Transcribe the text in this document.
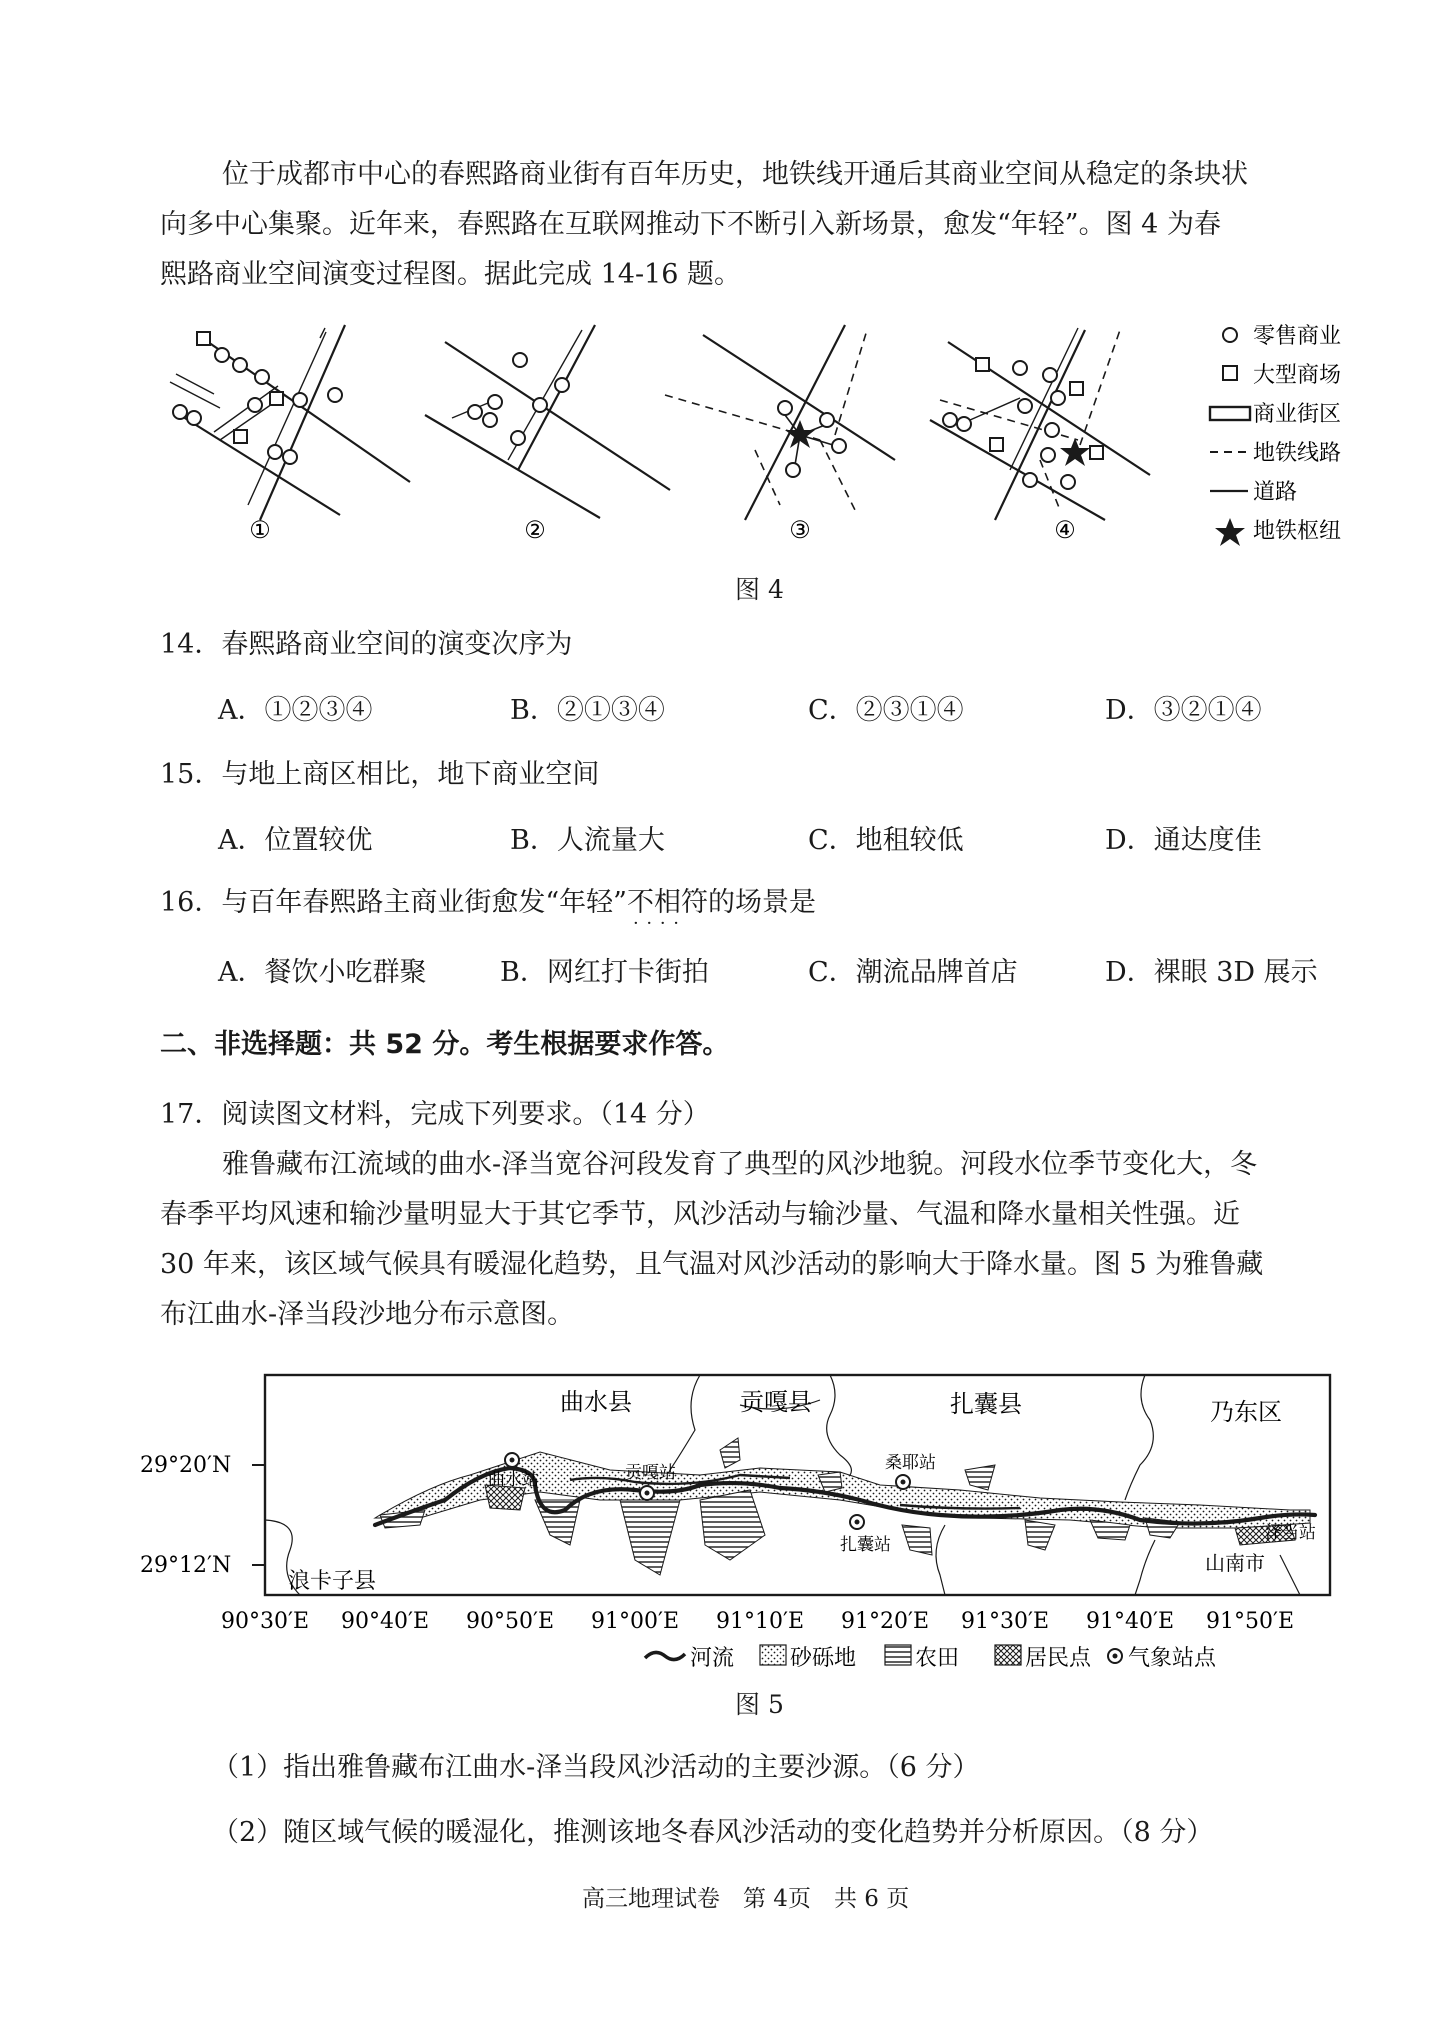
位于成都市中心的春熙路商业街有百年历史，地铁线开通后其商业空间从稳定的条块状
向多中心集聚。近年来，春熙路在互联网推动下不断引入新场景，愈发“年轻”。图 4 为春
熙路商业空间演变过程图。据此完成 14-16 题。
①	②	③	④
零售商业
大型商场
商业街区
地铁线路
道路
地铁枢纽
图 4
14．春熙路商业空间的演变次序为
A．①②③④	B．②①③④	C．②③①④	D．③②①④
15．与地上商区相比，地下商业空间
A．位置较优	B．人流量大	C．地租较低	D．通达度佳
16．与百年春熙路主商业街愈发“年轻”不相符 · · · ·的场景是
A．餐饮小吃群聚	B．网红打卡街拍	C．潮流品牌首店	D．裸眼 3D 展示
二、非选择题：共 52 分。考生根据要求作答。
17．阅读图文材料，完成下列要求。（14 分）
雅鲁藏布江流域的曲水-泽当宽谷河段发育了典型的风沙地貌。河段水位季节变化大，冬
春季平均风速和输沙量明显大于其它季节，风沙活动与输沙量、气温和降水量相关性强。近
30 年来，该区域气候具有暖湿化趋势，且气温对风沙活动的影响大于降水量。图 5 为雅鲁藏
布江曲水-泽当段沙地分布示意图。
曲水县	贡嘎县	扎囊县	乃东区
浪卡子县
山南市
曲水站	贡嘎站	桑耶站
扎囊站
泽当站
29°20′N
29°12′N
90°30′E 90°40′E 90°50′E 91°00′E 91°10′E 91°20′E 91°30′E 91°40′E 91°50′E
河流	砂砾地	农田	居民点 气象站点
图 5
（1）指出雅鲁藏布江曲水-泽当段风沙活动的主要沙源。（6 分）
（2）随区域气候的暖湿化，推测该地冬春风沙活动的变化趋势并分析原因。（8 分）
高三地理试卷　第 4页　共 6 页
